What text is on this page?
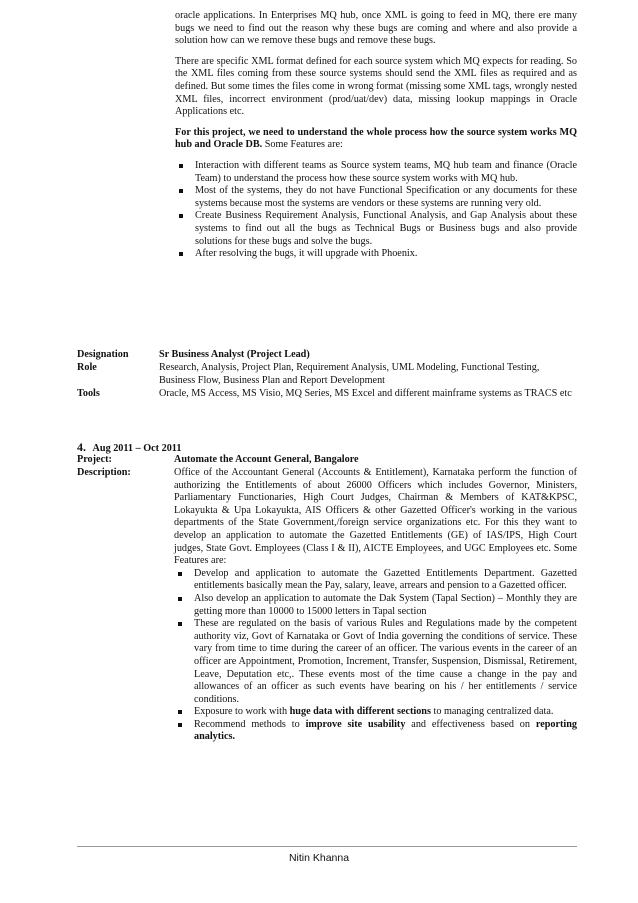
oracle applications. In Enterprises MQ hub, once XML is going to feed in MQ, there ere many bugs we need to find out the reason why these bugs are coming and where and also provide a solution how can we remove these bugs and remove these bugs.

There are specific XML format defined for each source system which MQ expects for reading. So the XML files coming from these source systems should send the XML files as required and as defined. But some times the files come in wrong format (missing some XML tags, wrongly nested XML files, incorrect environment (prod/uat/dev) data, missing lookup mappings in Oracle Applications etc.

For this project, we need to understand the whole process how the source system works MQ hub and Oracle DB. Some Features are:

Interaction with different teams as Source system teams, MQ hub team and finance (Oracle Team) to understand the process how these source system works with MQ hub.
Most of the systems, they do not have Functional Specification or any documents for these systems because most the systems are vendors or these systems are running very old.
Create Business Requirement Analysis, Functional Analysis, and Gap Analysis about these systems to find out all the bugs as Technical Bugs or Business bugs and also provide solutions for these bugs and solve the bugs.
After resolving the bugs, it will upgrade with Phoenix.
Designation	Sr Business Analyst (Project Lead)
Role	Research, Analysis, Project Plan, Requirement Analysis, UML Modeling, Functional Testing, Business Flow, Business Plan and Report Development
Tools	Oracle, MS Access, MS Visio, MQ Series, MS Excel and different mainframe systems as TRACS etc
4. Aug 2011 – Oct 2011
Project:	Automate the Account General, Bangalore
Description:	Office of the Accountant General (Accounts & Entitlement), Karnataka perform the function of authorizing the Entitlements of about 26000 Officers which includes Governor, Ministers, Parliamentary Functionaries, High Court Judges, Chairman & Members of KAT&KPSC, Lokayukta & Upa Lokayukta, AIS Officers & other Gazetted Officer's working in the various departments of the State Government,/foreign service organizations etc. For this they want to develop an application to automate the Gazetted Entitlements (GE) of IAS/IPS, High Court judges, State Govt. Employees (Class I & II), AICTE Employees, and UGC Employees etc. Some Features are:

Develop and application to automate the Gazetted Entitlements Department. Gazetted entitlements basically mean the Pay, salary, leave, arrears and pension to a Gazetted officer.
Also develop an application to automate the Dak System (Tapal Section) – Monthly they are getting more than 10000 to 15000 letters in Tapal section
These are regulated on the basis of various Rules and Regulations made by the competent authority viz, Govt of Karnataka or Govt of India governing the conditions of service. These vary from time to time during the career of an officer. The various events in the career of an officer are Appointment, Promotion, Increment, Transfer, Suspension, Dismissal, Retirement, Leave, Deputation etc,. These events most of the time cause a change in the pay and allowances of an officer as such events have bearing on his / her entitlements / service conditions.
Exposure to work with huge data with different sections to managing centralized data.
Recommend methods to improve site usability and effectiveness based on reporting analytics.
Nitin Khanna
